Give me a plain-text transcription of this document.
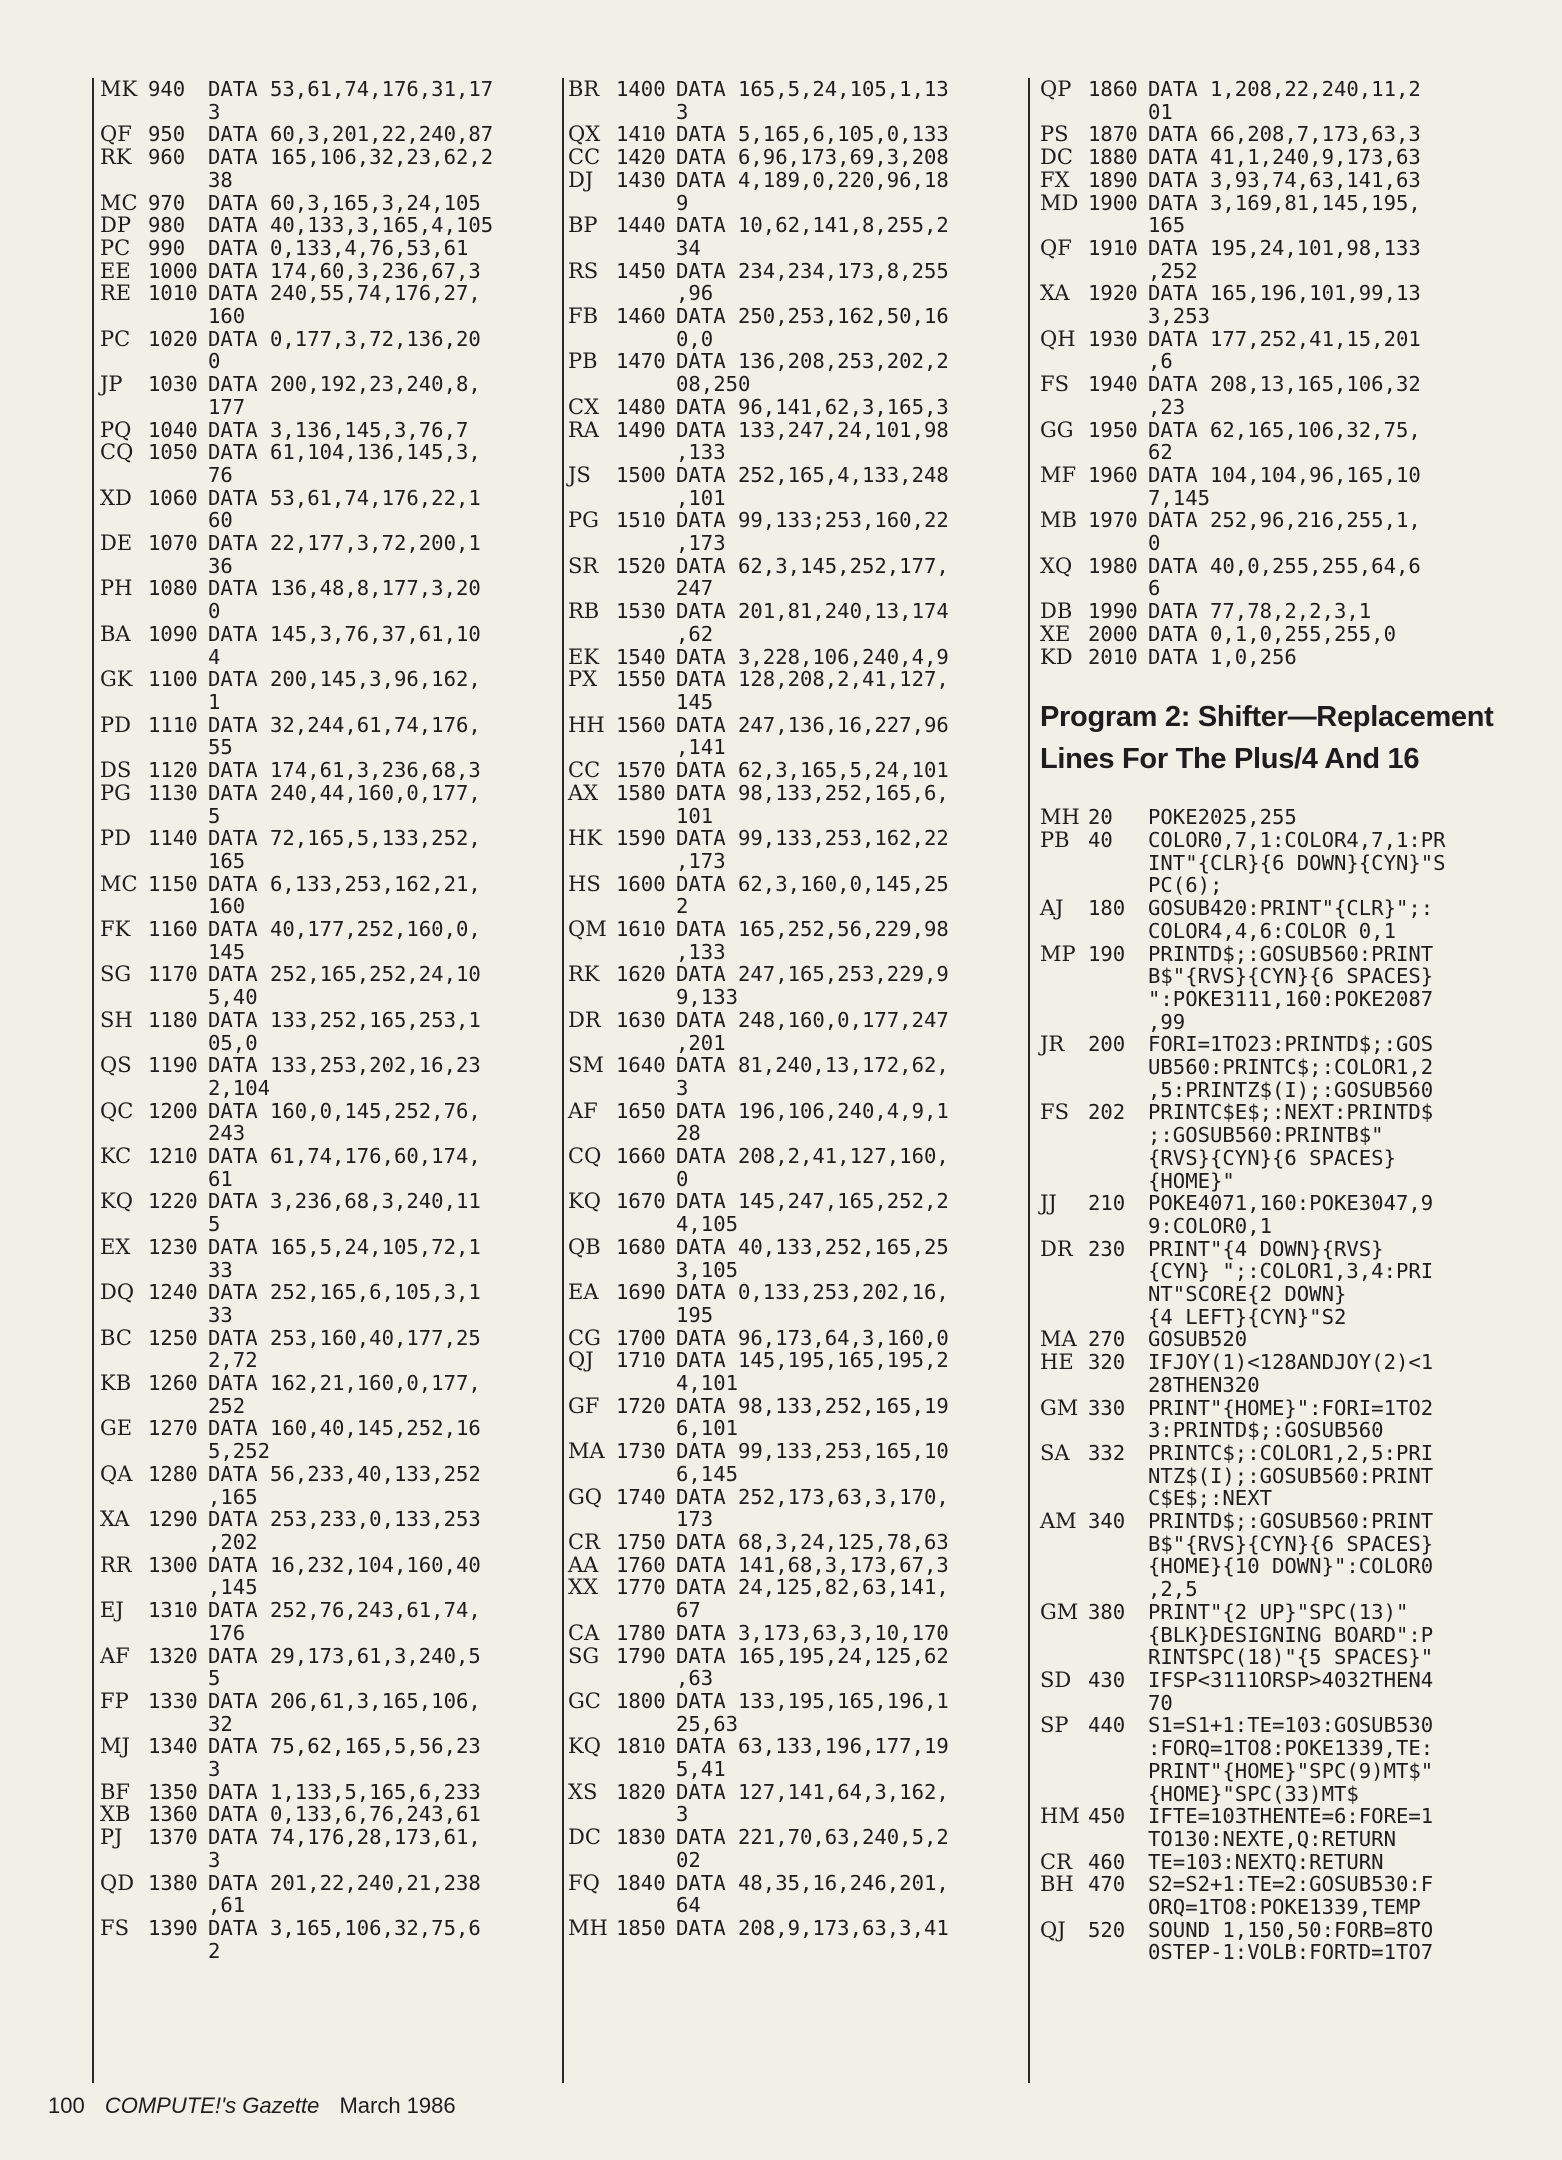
MK 940	DATA 53,61,74,176,31,17
3
QF 950	DATA 60,3,201,22,240,87
RK 960	DATA 165,106,32,23,62,2
38
MC 970	DATA 60,3,165,3,24,105
DP 980	DATA 40,133,3,165,4,105
PC 990	DATA 0,133,4,76,53,61
EE 1000 DATA 174,60,3,236,67,3
RE 1010 DATA 240,55,74,176,27,
160
PC 1020 DATA 0,177,3,72,136,20
0
JP	1030 DATA 200,192,23,240,8,
177
PQ 1040 DATA 3,136,145,3,76,7
CQ 1050 DATA 61,104,136,145,3,
76
XD 1060 DATA 53,61,74,176,22,1
60
DE 1070 DATA 22,177,3,72,200,1
36
PH 1080 DATA 136,48,8,177,3,20
0
BA 1090 DATA 145,3,76,37,61,10
4
GK 1100 DATA 200,145,3,96,162,
1
PD 1110 DATA 32,244,61,74,176,
55
DS 1120 DATA 174,61,3,236,68,3
PG 1130 DATA 240,44,160,0,177,
5
PD 1140 DATA 72,165,5,133,252,
165
MC 1150 DATA 6,133,253,162,21,
160
FK 1160 DATA 40,177,252,160,0,
145
SG 1170 DATA 252,165,252,24,10
5,40
SH 1180 DATA 133,252,165,253,1
05,0
QS 1190 DATA 133,253,202,16,23
2,104
QC 1200 DATA 160,0,145,252,76,
243
KC 1210 DATA 61,74,176,60,174,
61
KQ 1220 DATA 3,236,68,3,240,11
5
EX 1230 DATA 165,5,24,105,72,1
33
DQ 1240 DATA 252,165,6,105,3,1
33
BC 1250 DATA 253,160,40,177,25
2,72
KB 1260 DATA 162,21,160,0,177,
252
GE 1270 DATA 160,40,145,252,16
5,252
QA 1280 DATA 56,233,40,133,252
,165
XA 1290 DATA 253,233,0,133,253
,202
RR 1300 DATA 16,232,104,160,40
,145
EJ	1310 DATA 252,76,243,61,74,
176
AF 1320 DATA 29,173,61,3,240,5
5
FP 1330 DATA 206,61,3,165,106,
32
MJ 1340 DATA 75,62,165,5,56,23
3
BF 1350 DATA 1,133,5,165,6,233
XB 1360 DATA 0,133,6,76,243,61
PJ	1370 DATA 74,176,28,173,61,
3
QD 1380 DATA 201,22,240,21,238
,61
FS 1390 DATA 3,165,106,32,75,6
2
BR 1400 DATA 165,5,24,105,1,13
3
QX 1410 DATA 5,165,6,105,0,133
CC 1420 DATA 6,96,173,69,3,208
DJ	1430 DATA 4,189,0,220,96,18
9
BP 1440 DATA 10,62,141,8,255,2
34
RS 1450 DATA 234,234,173,8,255
,96
FB 1460 DATA 250,253,162,50,16
0,0
PB 1470 DATA 136,208,253,202,2
08,250
CX 1480 DATA 96,141,62,3,165,3
RA 1490 DATA 133,247,24,101,98
,133
JS	1500 DATA 252,165,4,133,248
,101
PG 1510 DATA 99,133;253,160,22
,173
SR 1520 DATA 62,3,145,252,177,
247
RB 1530 DATA 201,81,240,13,174
,62
EK 1540 DATA 3,228,106,240,4,9
PX 1550 DATA 128,208,2,41,127,
145
HH 1560 DATA 247,136,16,227,96
,141
CC 1570 DATA 62,3,165,5,24,101
AX 1580 DATA 98,133,252,165,6,
101
HK 1590 DATA 99,133,253,162,22
,173
HS 1600 DATA 62,3,160,0,145,25
2
QM 1610 DATA 165,252,56,229,98
,133
RK 1620 DATA 247,165,253,229,9
9,133
DR 1630 DATA 248,160,0,177,247
,201
SM 1640 DATA 81,240,13,172,62,
3
AF 1650 DATA 196,106,240,4,9,1
28
CQ 1660 DATA 208,2,41,127,160,
0
KQ 1670 DATA 145,247,165,252,2
4,105
QB 1680 DATA 40,133,252,165,25
3,105
EA 1690 DATA 0,133,253,202,16,
195
CG 1700 DATA 96,173,64,3,160,0
QJ	1710 DATA 145,195,165,195,2
4,101
GF 1720 DATA 98,133,252,165,19
6,101
MA 1730 DATA 99,133,253,165,10
6,145
GQ 1740 DATA 252,173,63,3,170,
173
CR 1750 DATA 68,3,24,125,78,63
AA 1760 DATA 141,68,3,173,67,3
XX 1770 DATA 24,125,82,63,141,
67
CA 1780 DATA 3,173,63,3,10,170
SG 1790 DATA 165,195,24,125,62
,63
GC 1800 DATA 133,195,165,196,1
25,63
KQ 1810 DATA 63,133,196,177,19
5,41
XS 1820 DATA 127,141,64,3,162,
3
DC 1830 DATA 221,70,63,240,5,2
02
FQ 1840 DATA 48,35,16,246,201,
64
MH 1850 DATA 208,9,173,63,3,41
QP 1860 DATA 1,208,22,240,11,2
01
PS 1870 DATA 66,208,7,173,63,3
DC 1880 DATA 41,1,240,9,173,63
FX 1890 DATA 3,93,74,63,141,63
MD 1900 DATA 3,169,81,145,195,
165
QF 1910 DATA 195,24,101,98,133
,252
XA 1920 DATA 165,196,101,99,13
3,253
QH 1930 DATA 177,252,41,15,201
,6
FS 1940 DATA 208,13,165,106,32
,23
GG 1950 DATA 62,165,106,32,75,
62
MF 1960 DATA 104,104,96,165,10
7,145
MB 1970 DATA 252,96,216,255,1,
0
XQ 1980 DATA 40,0,255,255,64,6
6
DB 1990 DATA 77,78,2,2,3,1
XE 2000 DATA 0,1,0,255,255,0
KD 2010 DATA 1,0,256
Program 2: Shifter—Replacement Lines For The Plus/4 And 16
MH 20	POKE2025,255
PB 40	COLOR0,7,1:COLOR4,7,1:PR
INT"{CLR}{6 DOWN}{CYN}"S
PC(6);
AJ	180	GOSUB420:PRINT"{CLR}";:
COLOR4,4,6:COLOR 0,1
MP 190	PRINTD$;:GOSUB560:PRINT
B$"{RVS}{CYN}{6 SPACES}
":POKE3111,160:POKE2087
,99
JR	200	FORI=1TO23:PRINTD$;:GOS
UB560:PRINTC$;:COLOR1,2
,5:PRINTZ$(I);:GOSUB560
FS 202	PRINTC$E$;:NEXT:PRINTD$
;:GOSUB560:PRINTB$"
{RVS}{CYN}{6 SPACES}
{HOME}"
JJ	210	POKE4071,160:POKE3047,9
9:COLOR0,1
DR 230	PRINT"{4 DOWN}{RVS}
{CYN} ";:COLOR1,3,4:PRI
NT"SCORE{2 DOWN}
{4 LEFT}{CYN}"S2
MA 270	GOSUB520
HE 320	IFJOY(1)<128ANDJOY(2)<1
28THEN320
GM 330	PRINT"{HOME}":FORI=1TO2
3:PRINTD$;:GOSUB560
SA 332	PRINTC$;:COLOR1,2,5:PRI
NTZ$(I);:GOSUB560:PRINT
C$E$;:NEXT
AM 340	PRINTD$;:GOSUB560:PRINT
B$"{RVS}{CYN}{6 SPACES}
{HOME}{10 DOWN}":COLOR0
,2,5
GM 380	PRINT"{2 UP}"SPC(13)"
{BLK}DESIGNING BOARD":P
RINTSPC(18)"{5 SPACES}"
SD 430	IFSP<3111ORSP>4032THEN4
70
SP 440	S1=S1+1:TE=103:GOSUB530
:FORQ=1TO8:POKE1339,TE:
PRINT"{HOME}"SPC(9)MT$"
{HOME}"SPC(33)MT$
HM 450	IFTE=103THENTE=6:FORE=1
TO130:NEXTE,Q:RETURN
CR 460	TE=103:NEXTQ:RETURN
BH 470	S2=S2+1:TE=2:GOSUB530:F
ORQ=1TO8:POKE1339,TEMP
QJ	520	SOUND 1,150,50:FORB=8TO
0STEP-1:VOLB:FORTD=1TO7
100 COMPUTE!'s Gazette March 1986
